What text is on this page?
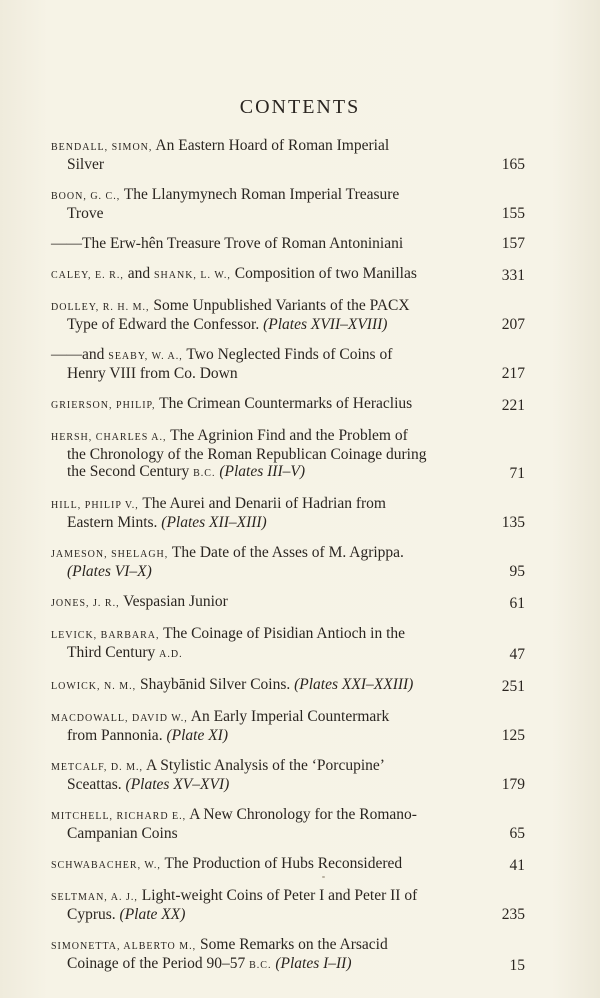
CONTENTS
BENDALL, SIMON, An Eastern Hoard of Roman Imperial
Silver	165
BOON, G. C., The Llanymynech Roman Imperial Treasure
Trove	155
——The Erw-hên Treasure Trove of Roman Antoniniani	157
CALEY, E. R., and SHANK, L. W., Composition of two Manillas	331
DOLLEY, R. H. M., Some Unpublished Variants of the PACX
Type of Edward the Confessor. (Plates XVII–XVIII)	207
——and SEABY, W. A., Two Neglected Finds of Coins of
Henry VIII from Co. Down	217
GRIERSON, PHILIP, The Crimean Countermarks of Heraclius	221
HERSH, CHARLES A., The Agrinion Find and the Problem of
the Chronology of the Roman Republican Coinage during
the Second Century B.C. (Plates III–V)	71
HILL, PHILIP V., The Aurei and Denarii of Hadrian from
Eastern Mints. (Plates XII–XIII)	135
JAMESON, SHELAGH, The Date of the Asses of M. Agrippa.
(Plates VI–X)	95
JONES, J. R., Vespasian Junior	61
LEVICK, BARBARA, The Coinage of Pisidian Antioch in the
Third Century A.D.	47
LOWICK, N. M., Shaybānid Silver Coins. (Plates XXI–XXIII)	251
MACDOWALL, DAVID W., An Early Imperial Countermark
from Pannonia. (Plate XI)	125
METCALF, D. M., A Stylistic Analysis of the ‘Porcupine’
Sceattas. (Plates XV–XVI)	179
MITCHELL, RICHARD E., A New Chronology for the Romano-
Campanian Coins	65
SCHWABACHER, W., The Production of Hubs Reconsidered	41
SELTMAN, A. J., Light-weight Coins of Peter I and Peter II of
Cyprus. (Plate XX)	235
SIMONETTA, ALBERTO M., Some Remarks on the Arsacid
Coinage of the Period 90–57 B.C. (Plates I–II)	15
